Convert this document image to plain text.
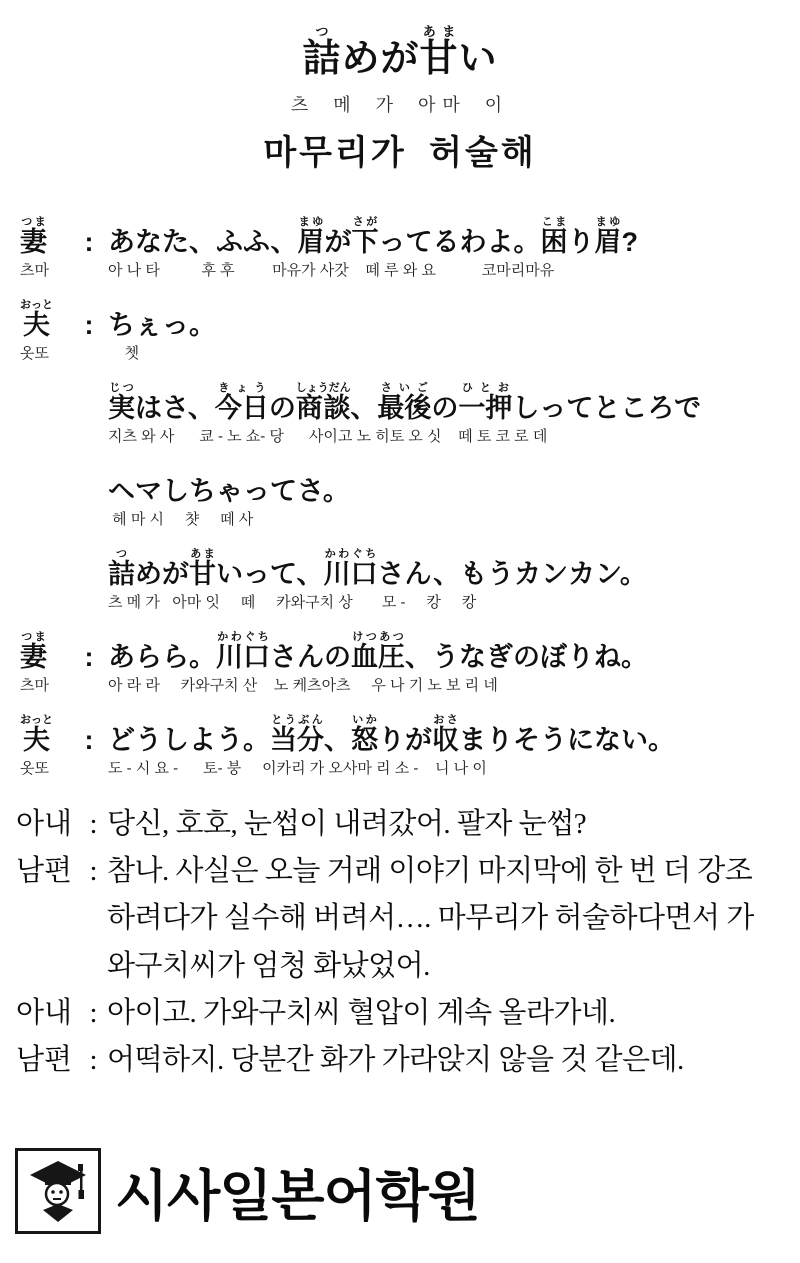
詰つめが甘あまい
츠 메 가 아마 이
마무리가 허술해
妻つま
: あなた、ふふ、眉まゆが下さがってるわよ。困こまり眉まゆ?
츠마	아 나 타          후 후         마유가 사갓    떼 루 와 요           코마리마유
夫おっと
: ちぇっ。
옷또	쳇
実じつはさ、今日きょうの商談しょうだん、最後さいごの一押ひとおしってところで
지츠 와 사      쿄 - 노 쇼- 당      사이고 노 히토 오 싯    떼 토 코 로 데
ヘマしちゃってさ。
헤 마 시     챳     떼 사
詰つめが甘あまいって、川口かわぐちさん、もうカンカン。
츠 메 가   아마 잇     떼     카와구치 상       모 -     캉     캉
妻つま
: あらら。川口かわぐちさんの血圧けつあつ、うなぎのぼりね。
츠마	아 라 라     카와구치 산    노 케츠아츠     우 나 기 노 보 리 네
夫おっと
: どうしよう。当分とうぶん、怒いかりが収おさまりそうにない。
옷또	도 - 시 요 -      토- 붕     이카리 가 오사마 리 소 -    니 나 이
아내 : 당신, 호호, 눈썹이 내려갔어. 팔자 눈썹?
남편 : 참나. 사실은 오늘 거래 이야기 마지막에 한 번 더 강조
하려다가 실수해 버려서…. 마무리가 허술하다면서 가
와구치씨가 엄청 화났었어.
아내 : 아이고. 가와구치씨 혈압이 계속 올라가네.
남편 : 어떡하지. 당분간 화가 가라앉지 않을 것 같은데.
시사일본어학원
